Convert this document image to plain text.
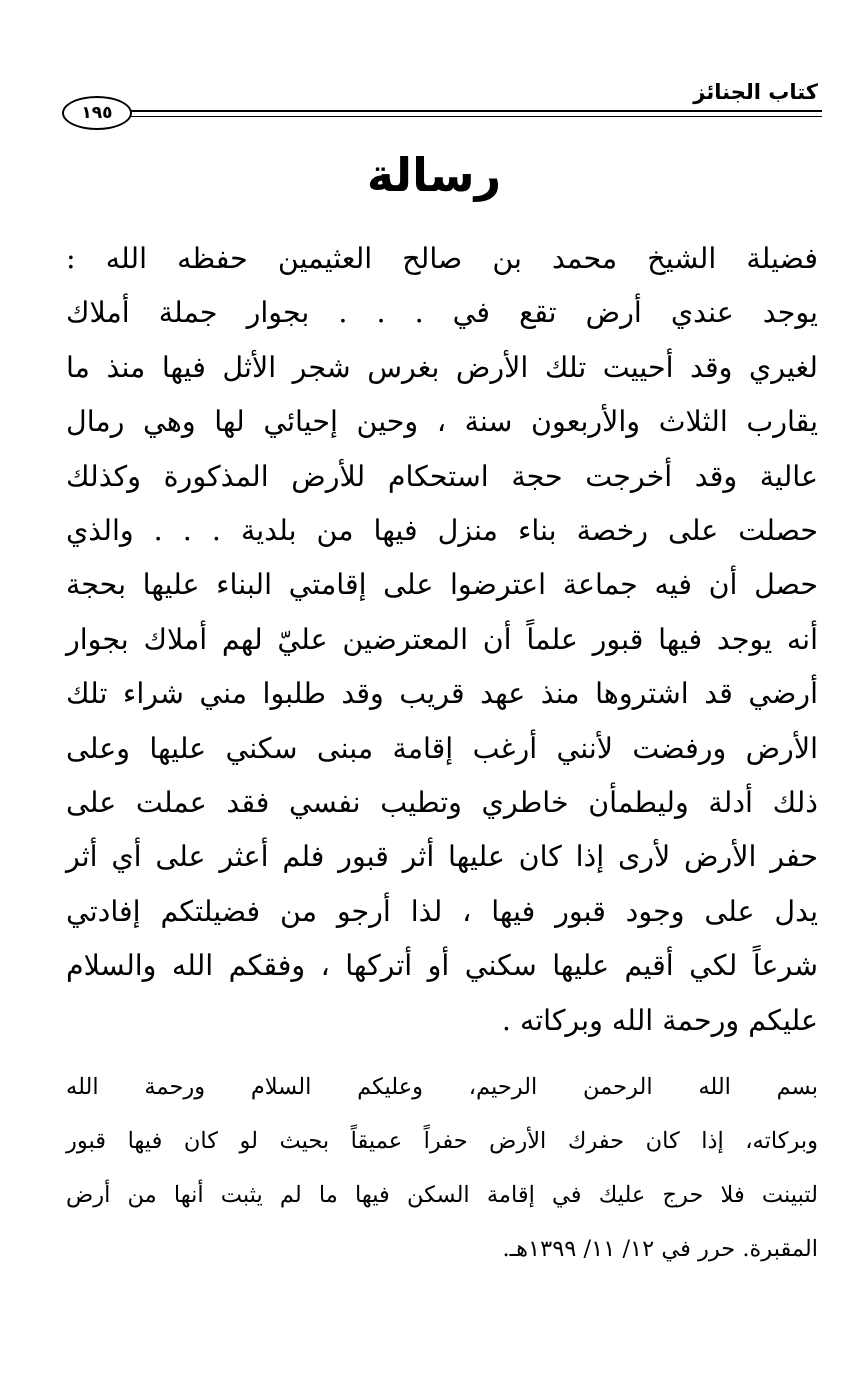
كتاب الجنائز
١٩٥
رسالة
فضيلة الشيخ محمد بن صالح العثيمين حفظه الله :
يوجد عندي أرض تقع في . . . بجوار جملة أملاك
لغيري وقد أحييت تلك الأرض بغرس شجر الأثل فيها منذ ما
يقارب الثلاث والأربعون سنة ، وحين إحيائي لها وهي رمال
عالية وقد أخرجت حجة استحكام للأرض المذكورة وكذلك
حصلت على رخصة بناء منزل فيها من بلدية . . . والذي
حصل أن فيه جماعة اعترضوا على إقامتي البناء عليها بحجة
أنه يوجد فيها قبور علماً أن المعترضين عليّ لهم أملاك بجوار
أرضي قد اشتروها منذ عهد قريب وقد طلبوا مني شراء تلك
الأرض ورفضت لأنني أرغب إقامة مبنى سكني عليها وعلى
ذلك أدلة وليطمأن خاطري وتطيب نفسي فقد عملت على
حفر الأرض لأرى إذا كان عليها أثر قبور فلم أعثر على أي أثر
يدل على وجود قبور فيها ، لذا أرجو من فضيلتكم إفادتي
شرعاً لكي أقيم عليها سكني أو أتركها ، وفقكم الله والسلام
عليكم ورحمة الله وبركاته .
بسم الله الرحمن الرحيم، وعليكم السلام ورحمة الله
وبركاته، إذا كان حفرك الأرض حفراً عميقاً بحيث لو كان فيها قبور
لتبينت فلا حرج عليك في إقامة السكن فيها ما لم يثبت أنها من أرض
المقبرة. حرر في ١٢/ ١١/ ١٣٩٩هـ.
